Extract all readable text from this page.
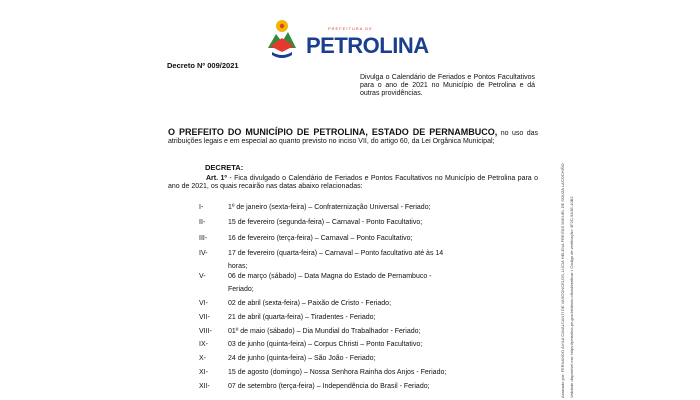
PREFEITURA DE
PETROLINA
Decreto Nº 009/2021
Divulga o Calendário de Feriados e Pontos Facultativos para o ano de 2021 no Município de Petrolina e dá outras providências.
O PREFEITO DO MUNICÍPIO DE PETROLINA, ESTADO DE PERNAMBUCO, no uso das atribuições legais e em especial ao quanto previsto no inciso VII, do artigo 60, da Lei Orgânica Municipal;
DECRETA:
Art. 1º - Fica divulgado o Calendário de Feriados e Pontos Facultativos no Município de Petrolina para o ano de 2021, os quais recairão nas datas abaixo relacionadas:
I-	1º de janeiro (sexta-feira) – Confraternização Universal - Feriado;
II-	15 de fevereiro (segunda-feira) – Carnaval - Ponto Facultativo;
III-	16 de fevereiro (terça-feira) – Carnaval – Ponto Facultativo;
IV-	17 de fevereiro (quarta-feira) – Carnaval – Ponto facultativo até às 14
horas;
V-	06 de março (sábado) – Data Magna do Estado de Pernambuco -
Feriado;
VI-	02 de abril (sexta-feira) – Paixão de Cristo - Feriado;
VII-	21 de abril (quarta-feira) – Tiradentes - Feriado;
VIII-	01º de maio (sábado) – Dia Mundial do Trabalhador - Feriado;
IX-	03 de junho (quinta-feira) – Corpus Christi – Ponto Facultativo;
X-	24 de junho (quinta-feira) – São João - Feriado;
XI-	15 de agosto (domingo) – Nossa Senhora Rainha dos Anjos - Feriado;
XII-	07 de setembro (terça-feira) – Independência do Brasil - Feriado;	Assinado por: FERNANDO ÁVILA CAVALCANTI DE VASCONCELOS, LUCIA HELENA FREITAS MIGUEL DE SOUZA LACOCHIÑO Validade disponível em: https://petrolina.pe.gov.br/diario-oficial/verificar • Código de verificação: 4F2C-9A1E-10B2
